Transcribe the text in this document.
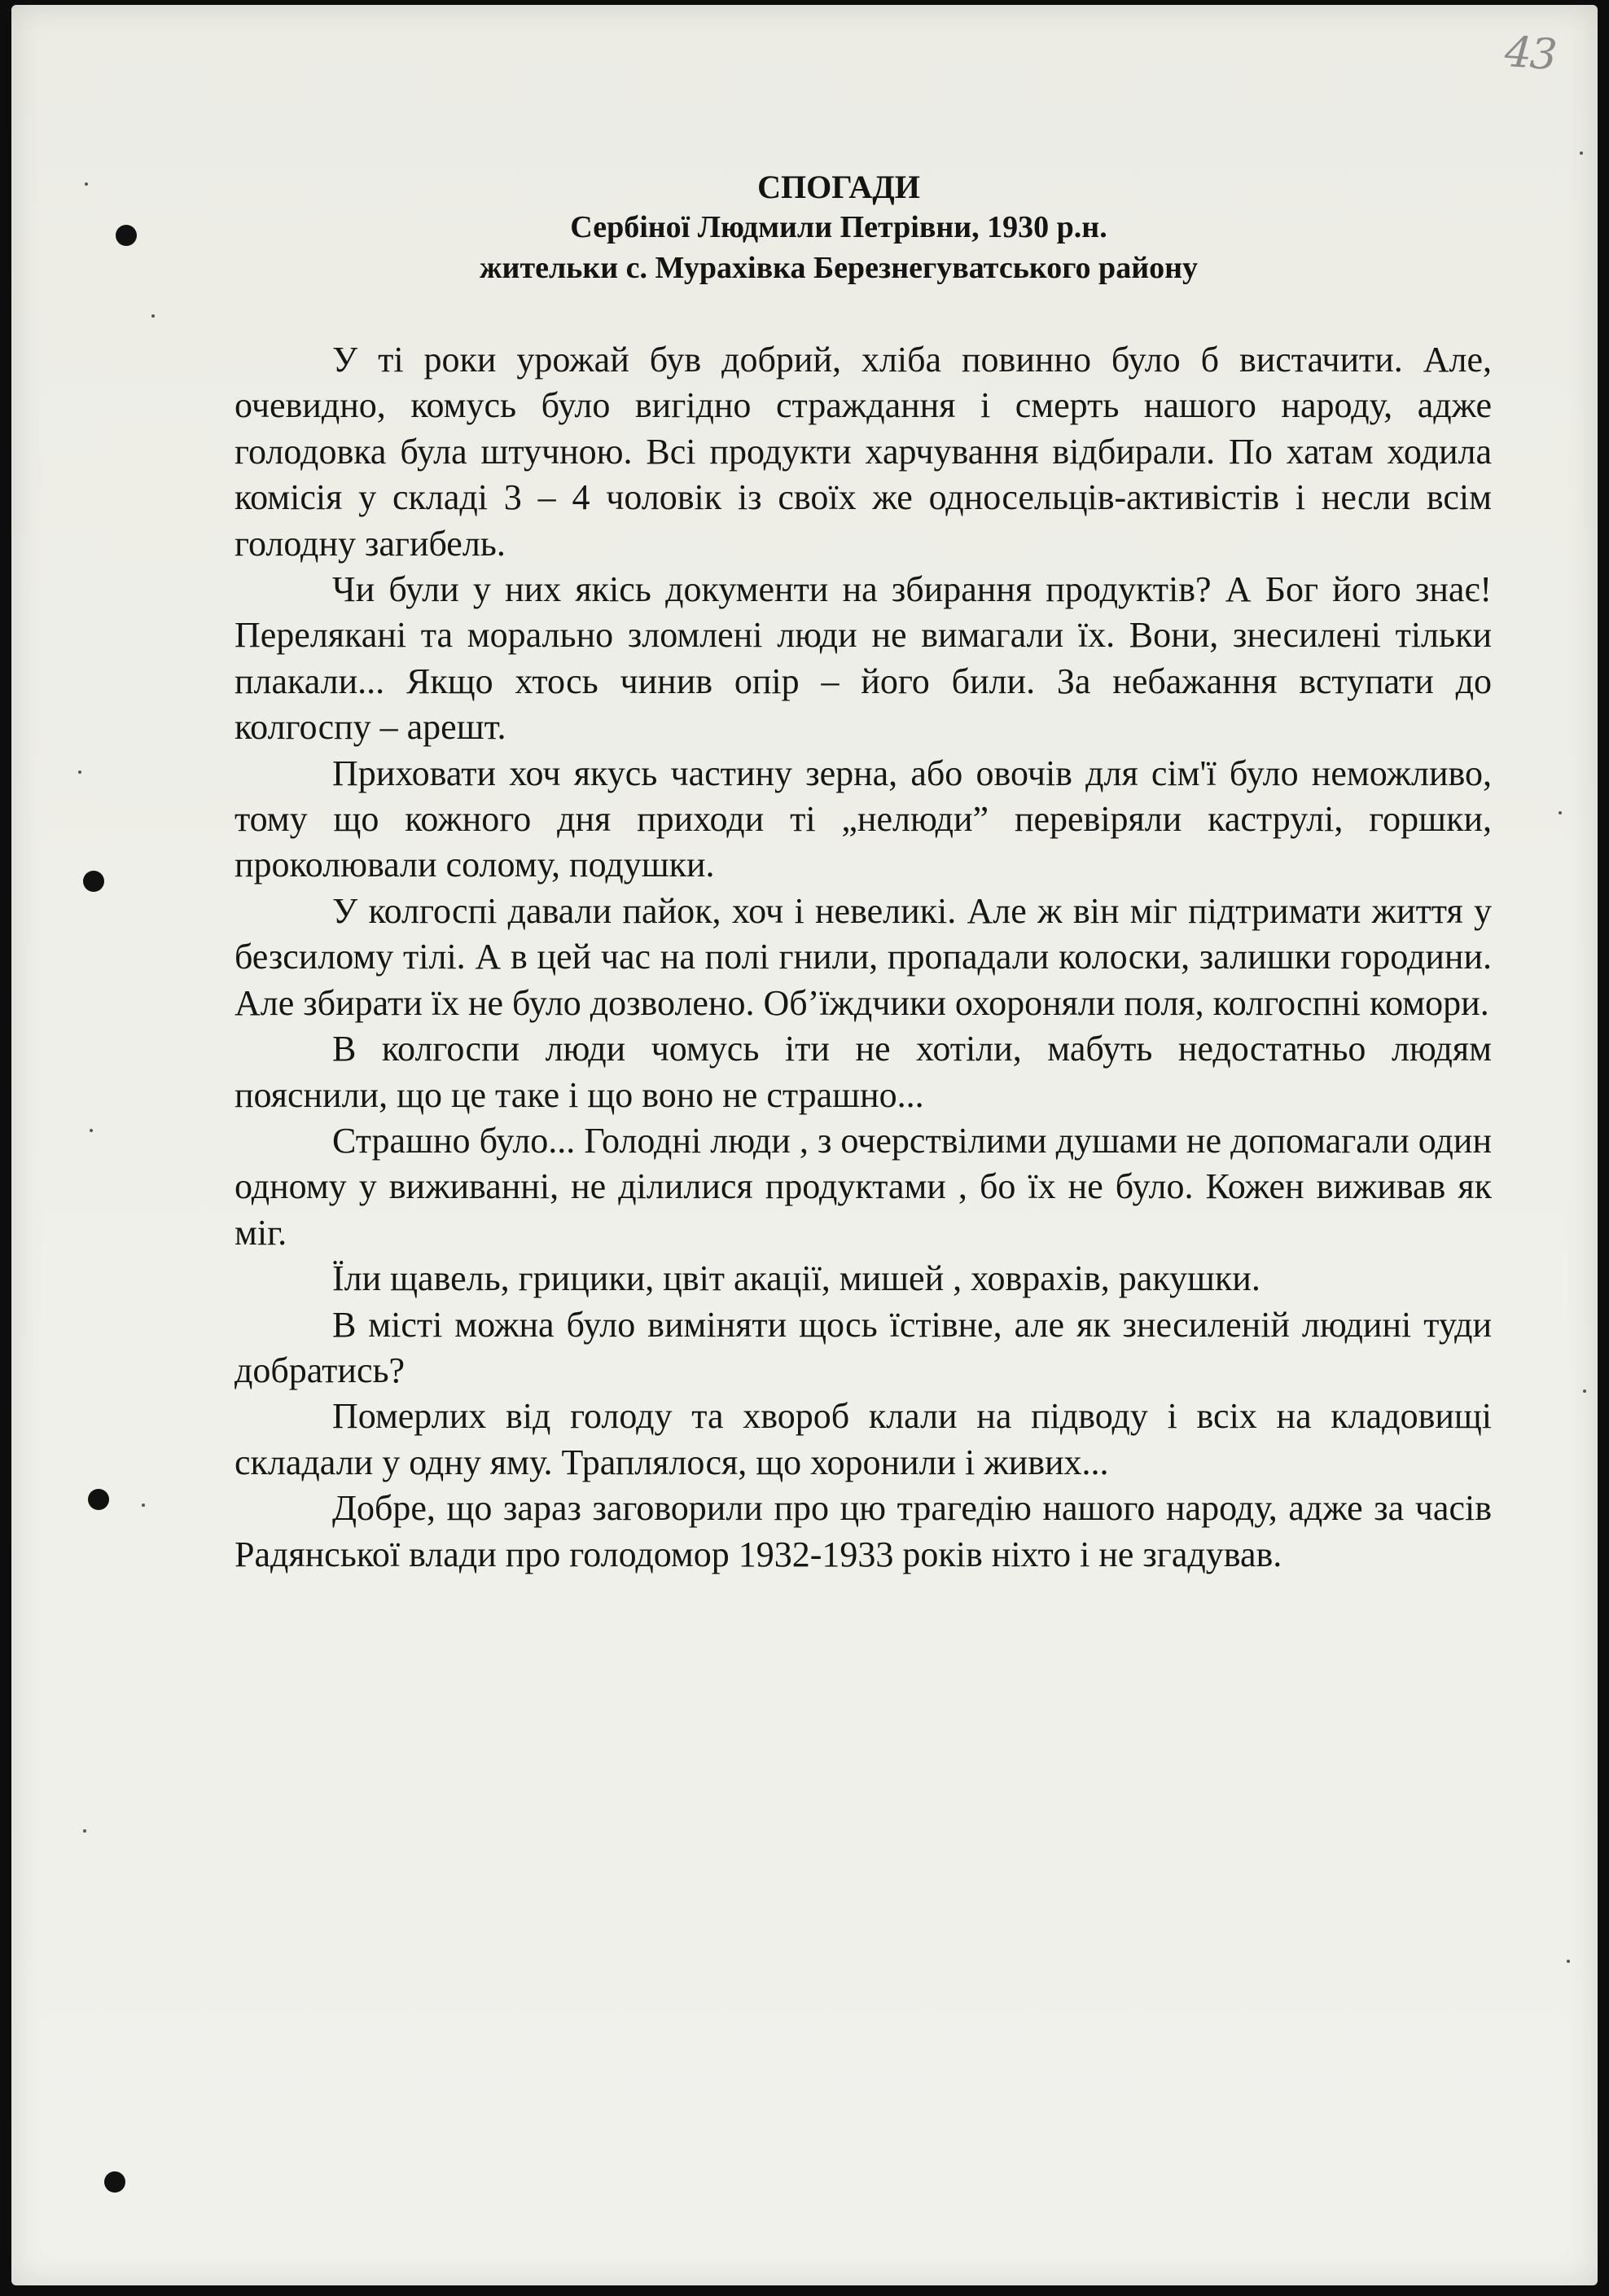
43
СПОГАДИ
Сербіної Людмили Петрівни, 1930 р.н.
жительки с. Мурахівка Березнегуватського району

У ті роки урожай був добрий, хліба повинно було б вистачити. Але, очевидно, комусь було вигідно страждання і смерть нашого народу, адже голодовка була штучною. Всі продукти харчування відбирали. По хатам ходила комісія у складі 3 – 4 чоловік із своїх же односельців-активістів і несли всім голодну загибель.

Чи були у них якісь документи на збирання продуктів? А Бог його знає! Перелякані та морально зломлені люди не вимагали їх. Вони, знесилені тільки плакали... Якщо хтось чинив опір – його били. За небажання вступати до колгоспу – арешт.

Приховати хоч якусь частину зерна, або овочів для сім'ї було неможливо, тому що кожного дня приходи ті „нелюди” перевіряли каструлі, горшки, проколювали солому, подушки.

У колгоспі давали пайок, хоч і невеликі. Але ж він міг підтримати життя у безсилому тілі. А в цей час на полі гнили, пропадали колоски, залишки городини. Але збирати їх не було дозволено. Об’їждчики охороняли поля, колгоспні комори.

В колгоспи люди чомусь іти не хотіли, мабуть недостатньо людям пояснили, що це таке і що воно не страшно...

Страшно було... Голодні люди , з очерствілими душами не допомагали один одному у виживанні, не ділилися продуктами , бо їх не було. Кожен виживав як міг.

Їли щавель, грицики, цвіт акації, мишей , ховрахів, ракушки.

В місті можна було виміняти щось їстівне, але як знесиленій людині туди добратись?

Померлих від голоду та хвороб клали на підводу і всіх на кладовищі складали у одну яму. Траплялося, що хоронили і живих...

Добре, що зараз заговорили про цю трагедію нашого народу, адже за часів Радянської влади про голодомор 1932-1933 років ніхто і не згадував.
